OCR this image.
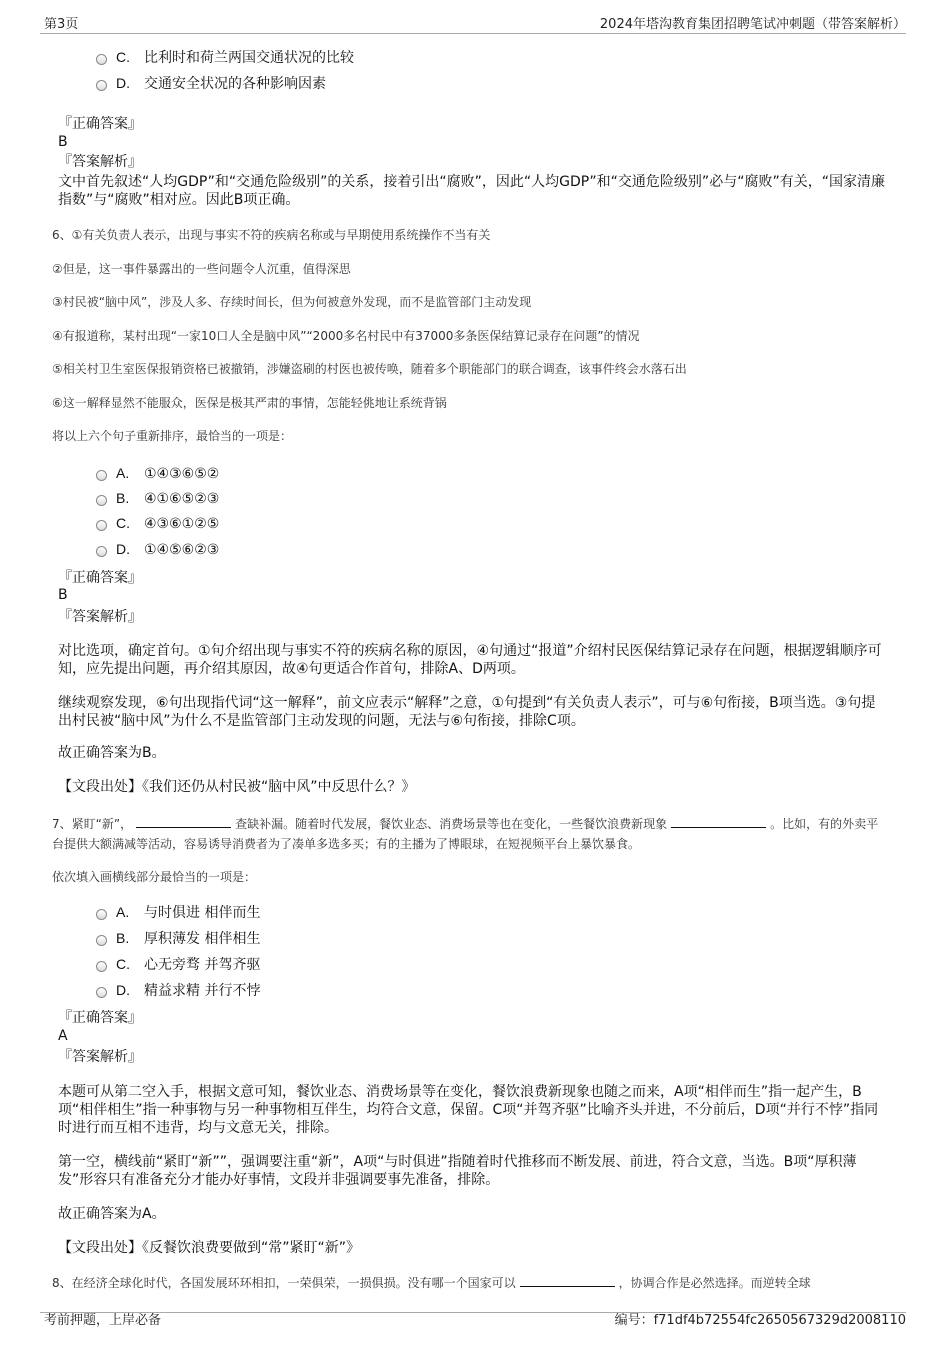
第3页	2024年塔沟教育集团招聘笔试冲刺题（带答案解析）
C. 比利时和荷兰两国交通状况的比较
D. 交通安全状况的各种影响因素
『正确答案』
B
『答案解析』
文中首先叙述“人均GDP”和“交通危险级别”的关系，接着引出“腐败”，因此“人均GDP”和“交通危险级别”必与“腐败”有关，“国家清廉指数”与“腐败”相对应。因此B项正确。
6、①有关负责人表示，出现与事实不符的疾病名称或与早期使用系统操作不当有关
②但是，这一事件暴露出的一些问题令人沉重，值得深思
③村民被“脑中风”，涉及人多、存续时间长，但为何被意外发现，而不是监管部门主动发现
④有报道称，某村出现“一家10口人全是脑中风”“2000多名村民中有37000多条医保结算记录存在问题”的情况
⑤相关村卫生室医保报销资格已被撤销，涉嫌盗刷的村医也被传唤，随着多个职能部门的联合调查，该事件终会水落石出
⑥这一解释显然不能服众，医保是极其严肃的事情，怎能轻佻地让系统背锅
将以上六个句子重新排序，最恰当的一项是：
A. ①④③⑥⑤②
B. ④①⑥⑤②③
C. ④③⑥①②⑤
D. ①④⑤⑥②③
『正确答案』
B
『答案解析』
对比选项，确定首句。①句介绍出现与事实不符的疾病名称的原因，④句通过“报道”介绍村民医保结算记录存在问题，根据逻辑顺序可知，应先提出问题，再介绍其原因，故④句更适合作首句，排除A、D两项。
继续观察发现，⑥句出现指代词“这一解释”，前文应表示“解释”之意，①句提到“有关负责人表示”，可与⑥句衔接，B项当选。③句提出村民被“脑中风”为什么不是监管部门主动发现的问题，无法与⑥句衔接，排除C项。
故正确答案为B。
【文段出处】《我们还仍从村民被“脑中风”中反思什么？》
7、紧盯“新”，	查缺补漏。随着时代发展，餐饮业态、消费场景等也在变化，一些餐饮浪费新现象	。比如，有的外卖平台提供大额满减等活动，容易诱导消费者为了凑单多选多买；有的主播为了博眼球，在短视频平台上暴饮暴食。
依次填入画横线部分最恰当的一项是：
A. 与时俱进 相伴而生
B. 厚积薄发 相伴相生
C. 心无旁骛 并驾齐驱
D. 精益求精 并行不悖
『正确答案』
A
『答案解析』
本题可从第二空入手，根据文意可知，餐饮业态、消费场景等在变化，餐饮浪费新现象也随之而来，A项“相伴而生”指一起产生，B项“相伴相生”指一种事物与另一种事物相互伴生，均符合文意，保留。C项“并驾齐驱”比喻齐头并进，不分前后，D项“并行不悖”指同时进行而互相不违背，均与文意无关，排除。
第一空，横线前“紧盯“新””，强调要注重“新”，A项“与时俱进”指随着时代推移而不断发展、前进，符合文意，当选。B项“厚积薄发”形容只有准备充分才能办好事情，文段并非强调要事先准备，排除。
故正确答案为A。
【文段出处】《反餐饮浪费要做到“常”紧盯“新”》
8、在经济全球化时代，各国发展环环相扣，一荣俱荣，一损俱损。没有哪一个国家可以	，协调合作是必然选择。而逆转全球
考前押题，上岸必备	编号：f71df4b72554fc2650567329d2008110
